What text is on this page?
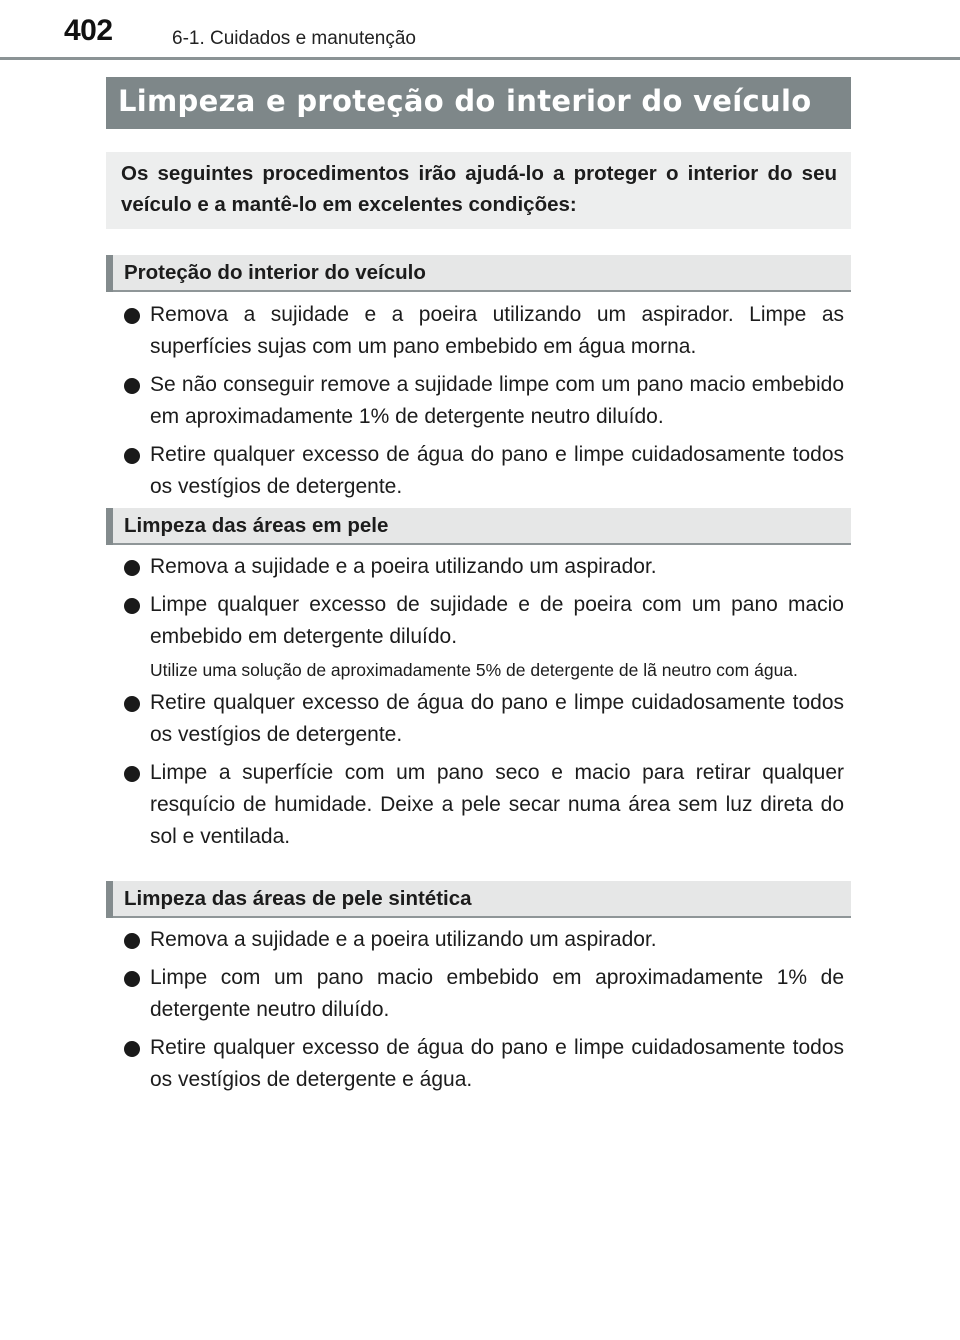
402	6-1. Cuidados e manutenção
Limpeza e proteção do interior do veículo

Os seguintes procedimentos irão ajudá-lo a proteger o interior do seu veículo e a mantê-lo em excelentes condições:

Proteção do interior do veículo
Remova a sujidade e a poeira utilizando um aspirador. Limpe as superfícies sujas com um pano embebido em água morna.
Se não conseguir remove a sujidade limpe com um pano macio embebido em aproximadamente 1% de detergente neutro diluído.
Retire qualquer excesso de água do pano e limpe cuidadosamente todos os vestígios de detergente.
Limpeza das áreas em pele
Remova a sujidade e a poeira utilizando um aspirador.
Limpe qualquer excesso de sujidade e de poeira com um pano macio embebido em detergente diluído.

Utilize uma solução de aproximadamente 5% de detergente de lã neutro com água.

Retire qualquer excesso de água do pano e limpe cuidadosamente todos os vestígios de detergente.
Limpe a superfície com um pano seco e macio para retirar qualquer resquício de humidade. Deixe a pele secar numa área sem luz direta do sol e ventilada.
Limpeza das áreas de pele sintética
Remova a sujidade e a poeira utilizando um aspirador.
Limpe com um pano macio embebido em aproximadamente 1% de detergente neutro diluído.
Retire qualquer excesso de água do pano e limpe cuidadosamente todos os vestígios de detergente e água.
